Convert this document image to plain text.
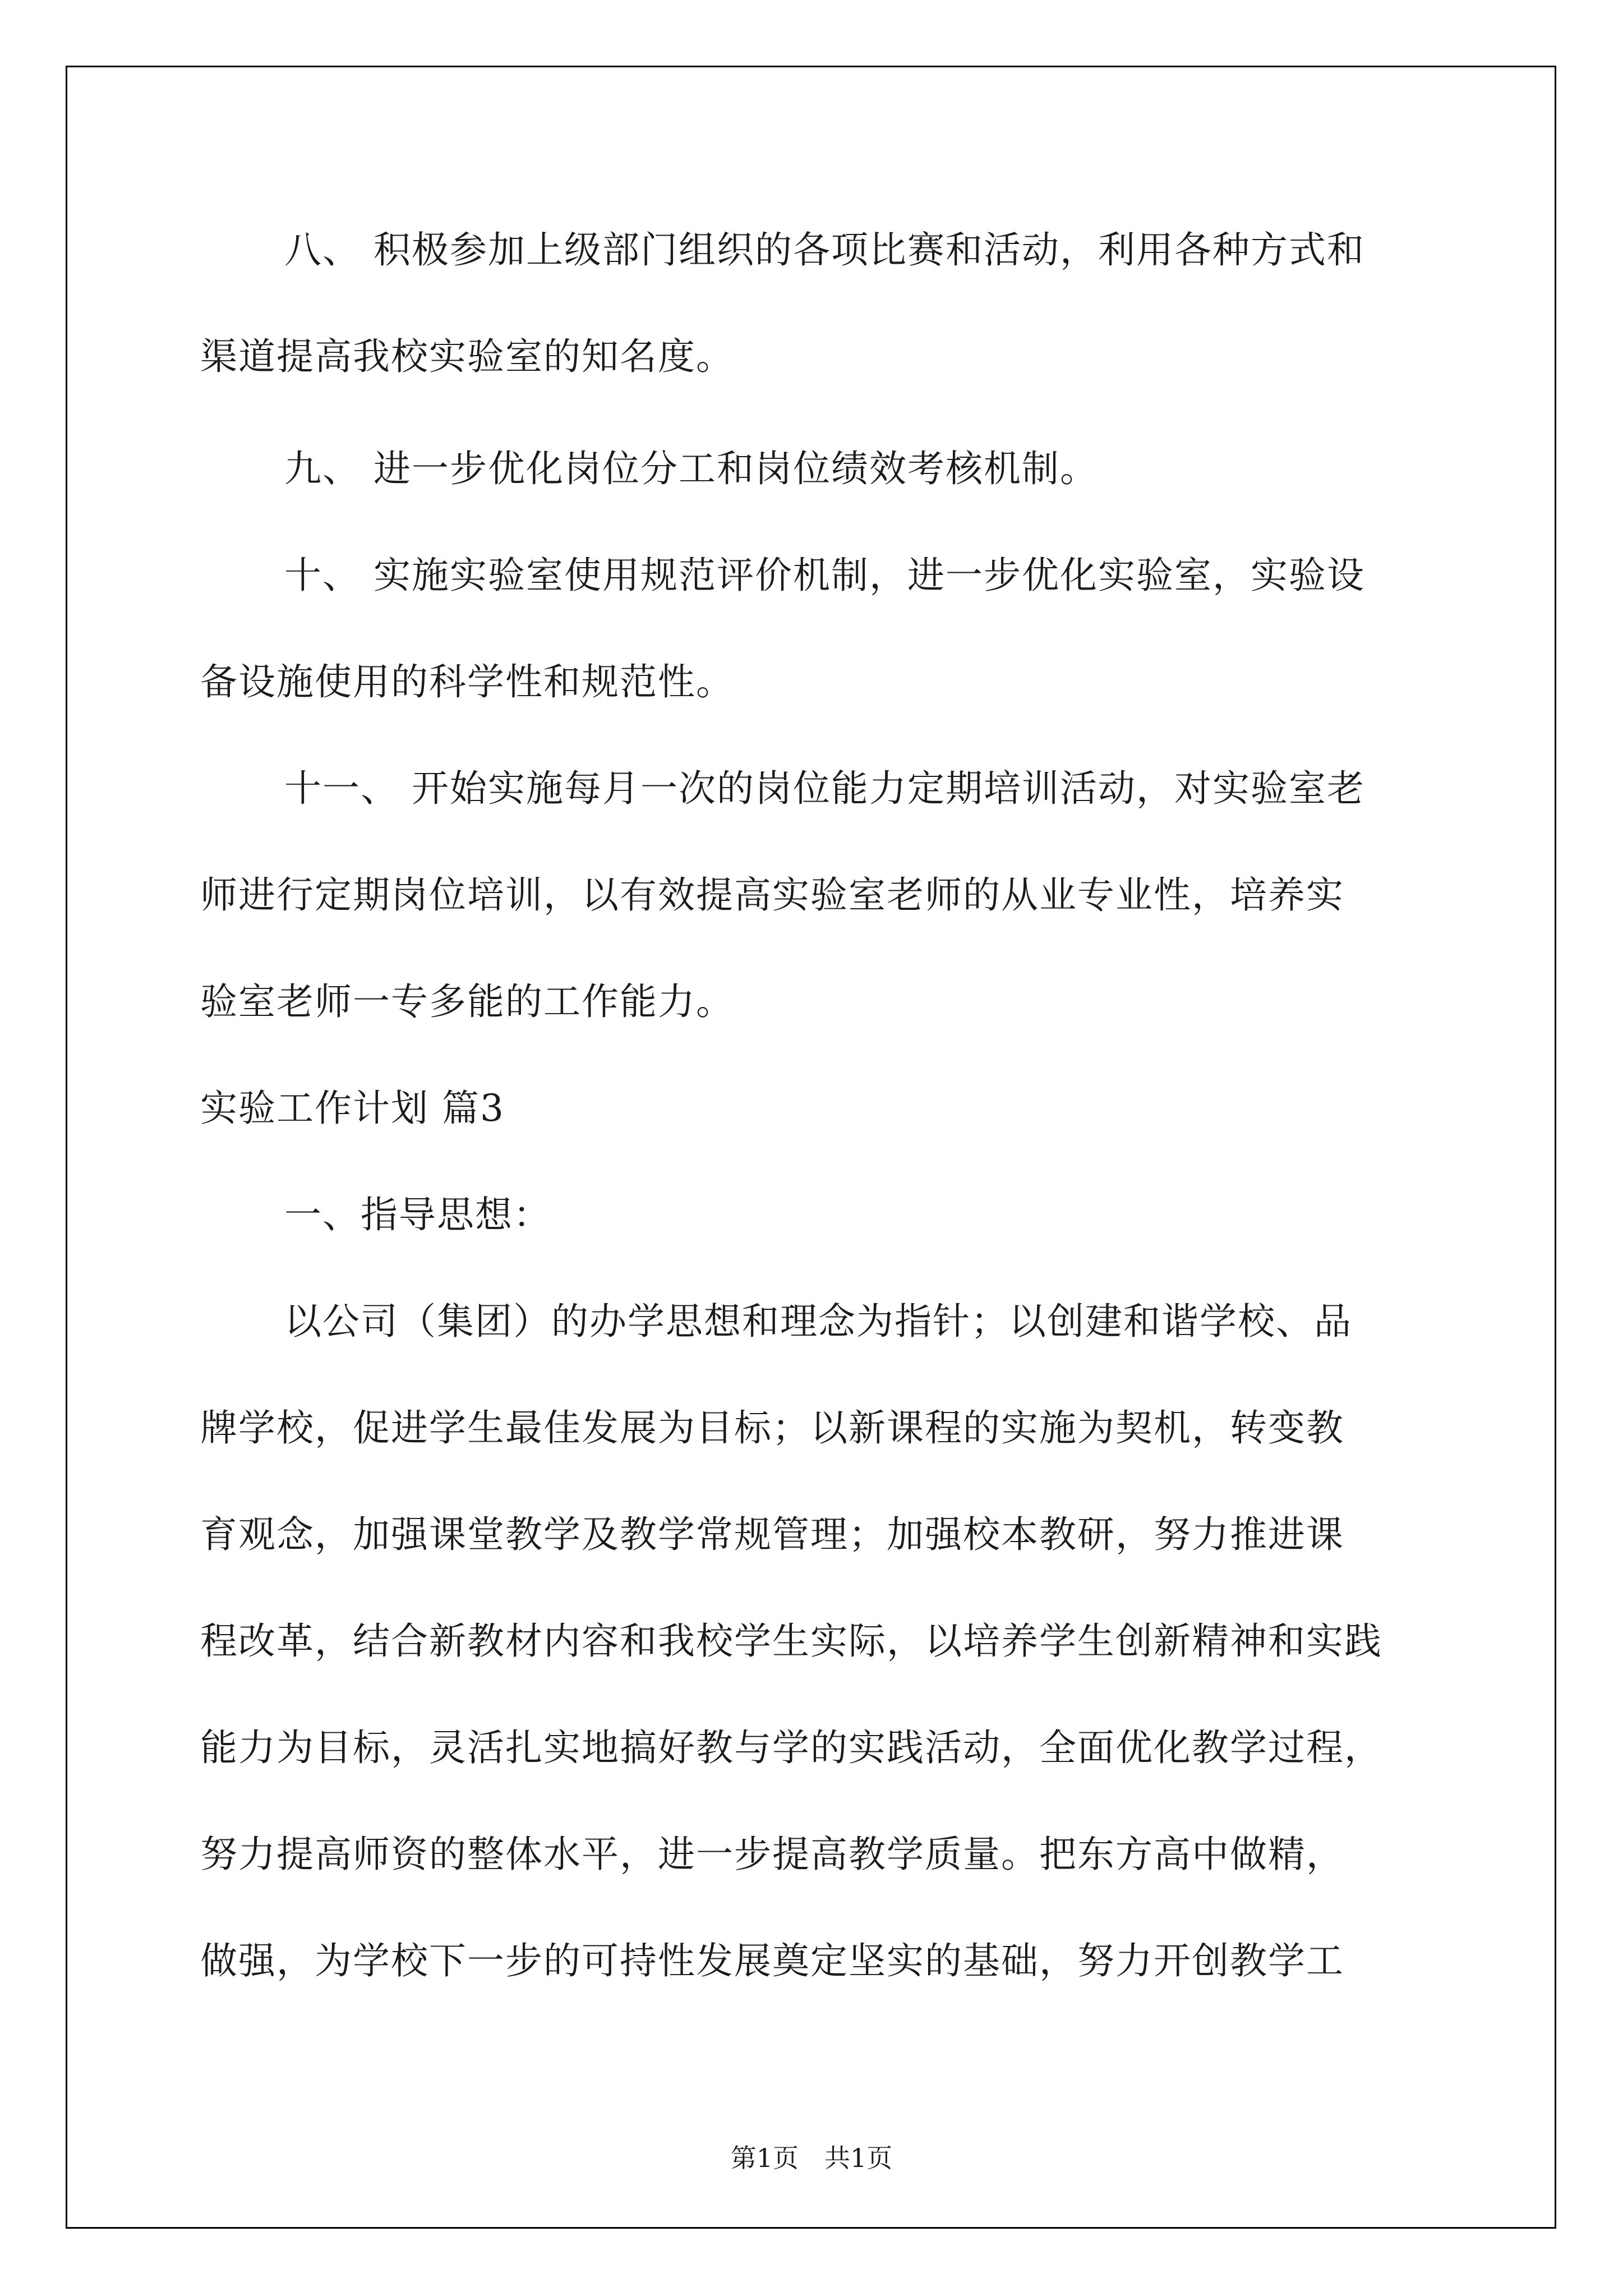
八、 积极参加上级部门组织的各项比赛和活动，利用各种方式和
渠道提高我校实验室的知名度。
九、 进一步优化岗位分工和岗位绩效考核机制。
十、 实施实验室使用规范评价机制，进一步优化实验室，实验设
备设施使用的科学性和规范性。
十一、 开始实施每月一次的岗位能力定期培训活动，对实验室老
师进行定期岗位培训，以有效提高实验室老师的从业专业性，培养实
验室老师一专多能的工作能力。
实验工作计划 篇3
一、指导思想：
以公司（集团）的办学思想和理念为指针；以创建和谐学校、品
牌学校，促进学生最佳发展为目标；以新课程的实施为契机，转变教
育观念，加强课堂教学及教学常规管理；加强校本教研，努力推进课
程改革，结合新教材内容和我校学生实际，以培养学生创新精神和实践
能力为目标，灵活扎实地搞好教与学的实践活动，全面优化教学过程，
努力提高师资的整体水平，进一步提高教学质量。把东方高中做精，
做强，为学校下一步的可持性发展奠定坚实的基础，努力开创教学工
第1页 共1页
